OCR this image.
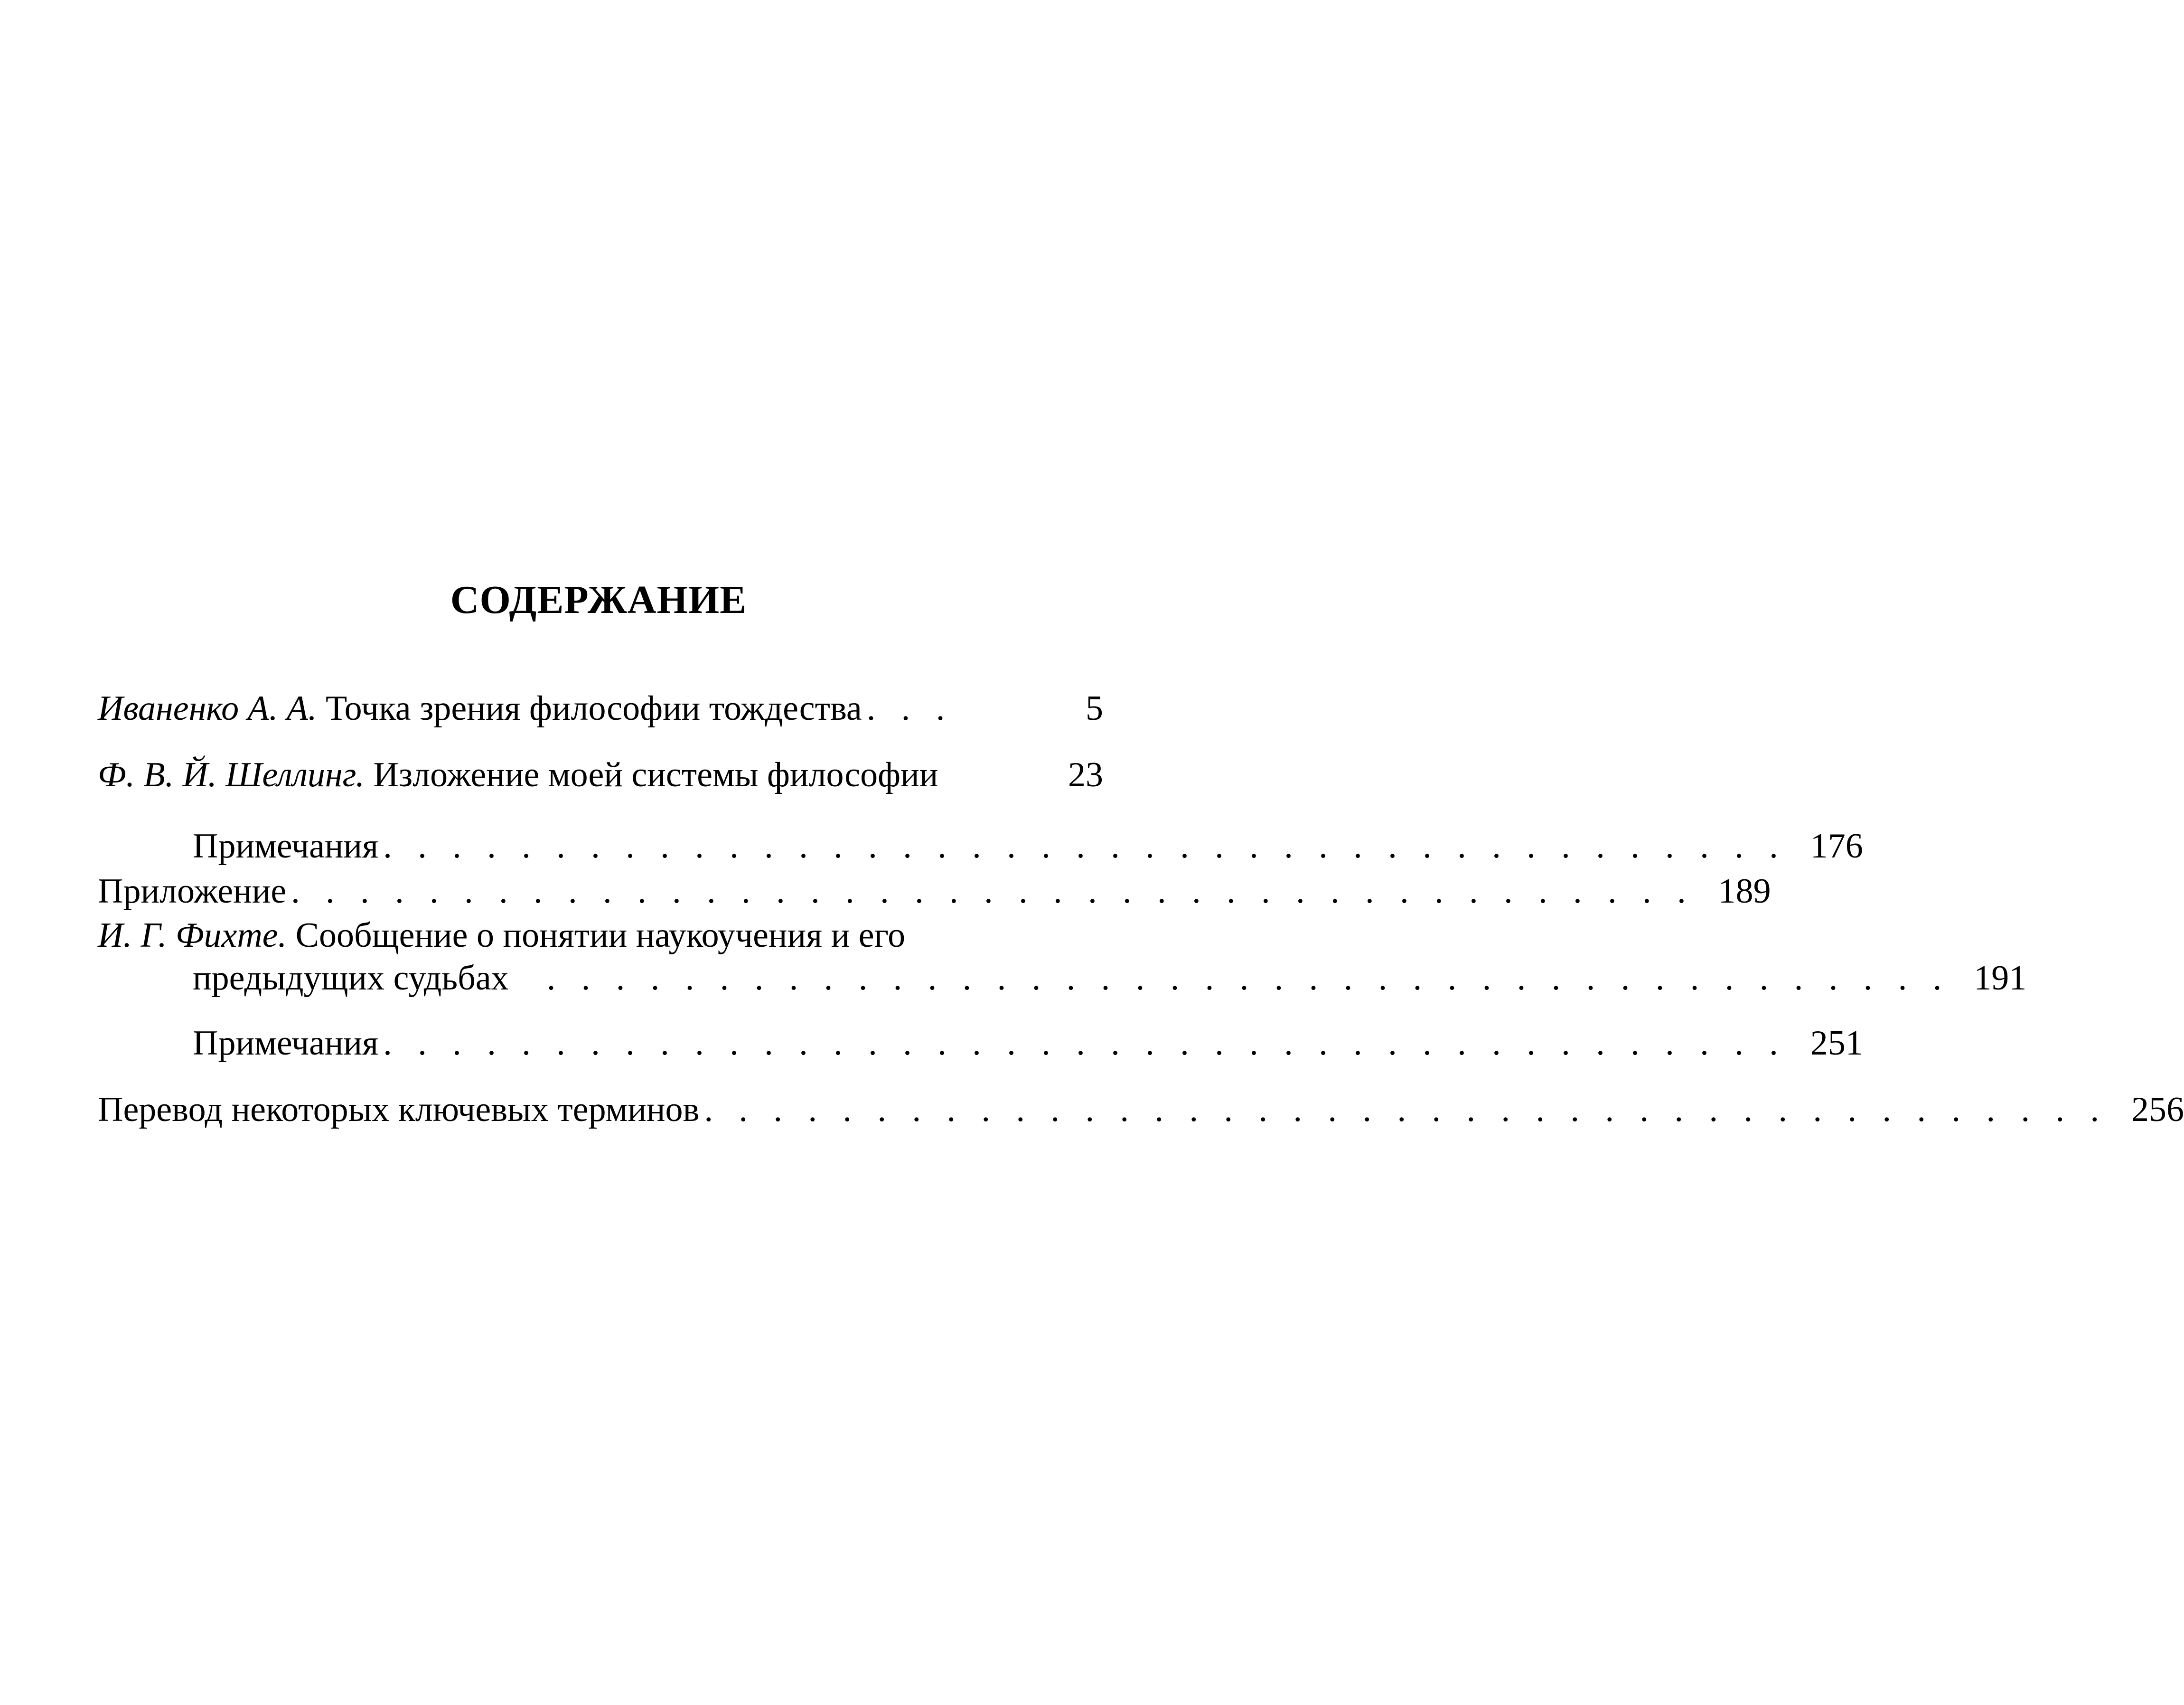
СОДЕРЖАНИЕ
Иваненко А. А. Точка зрения философии тождества . . .	5
Ф. В. Й. Шеллинг. Изложение моей системы философии	23
Примечания . . . . . . . . . . . . . . . . . . . . . . . . . . . . . . . . . . . . . . . . . 176
Приложение . . . . . . . . . . . . . . . . . . . . . . . . . . . . . . . . . . . . . . . . . 189
И. Г. Фихте. Сообщение о понятии наукоучения и его
предыдущих судьбах . . . . . . . . . . . . . . . . . . . . . . . . . . . . . . . . . . . . . . . . . 191
Примечания . . . . . . . . . . . . . . . . . . . . . . . . . . . . . . . . . . . . . . . . . 251
Перевод некоторых ключевых терминов . . . . . . . . . . . . . . . . . . . . . . . . . . . . . . . . . . . . . . . . . 256
